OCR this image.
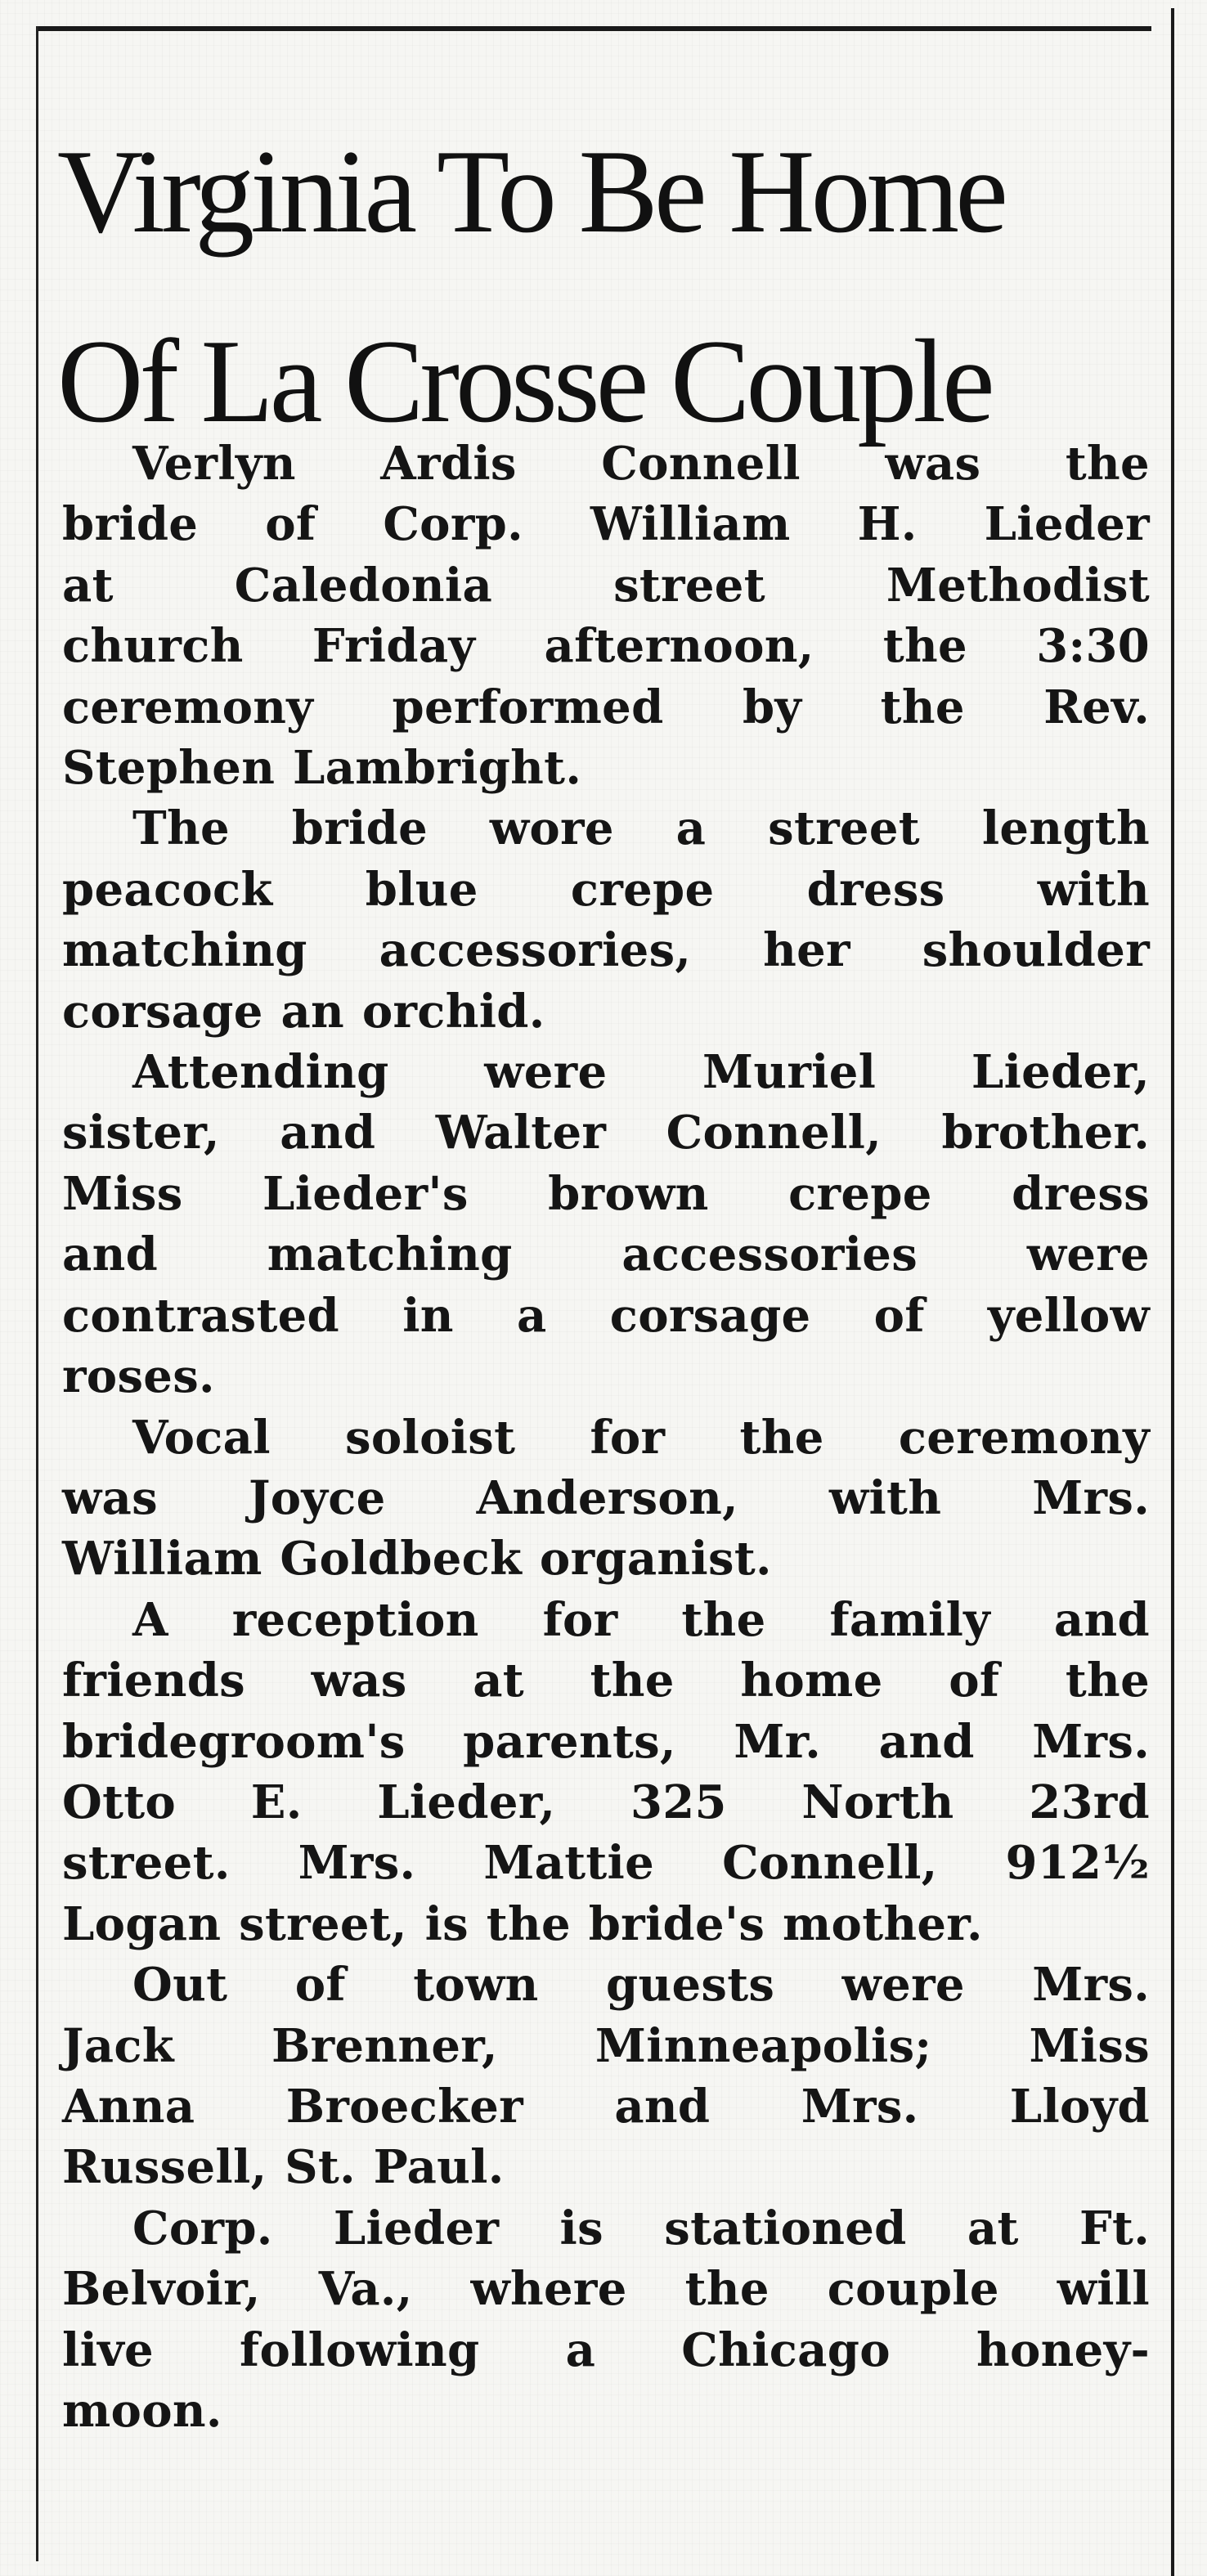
Virginia To Be Home
Of La Crosse Couple

Verlyn Ardis Connell was the
bride of Corp. William H. Lieder
at Caledonia street Methodist
church Friday afternoon, the 3:30
ceremony performed by the Rev.
Stephen Lambright.

The bride wore a street length
peacock blue crepe dress with
matching accessories, her shoulder
corsage an orchid.

Attending were Muriel Lieder,
sister, and Walter Connell, brother.
Miss Lieder's brown crepe dress
and matching accessories were
contrasted in a corsage of yellow
roses.

Vocal soloist for the ceremony
was Joyce Anderson, with Mrs.
William Goldbeck organist.

A reception for the family and
friends was at the home of the
bridegroom's parents, Mr. and Mrs.
Otto E. Lieder, 325 North 23rd
street. Mrs. Mattie Connell, 912½
Logan street, is the bride's mother.

Out of town guests were Mrs.
Jack Brenner, Minneapolis; Miss
Anna Broecker and Mrs. Lloyd
Russell, St. Paul.

Corp. Lieder is stationed at Ft.
Belvoir, Va., where the couple will
live following a Chicago honey-
moon.
